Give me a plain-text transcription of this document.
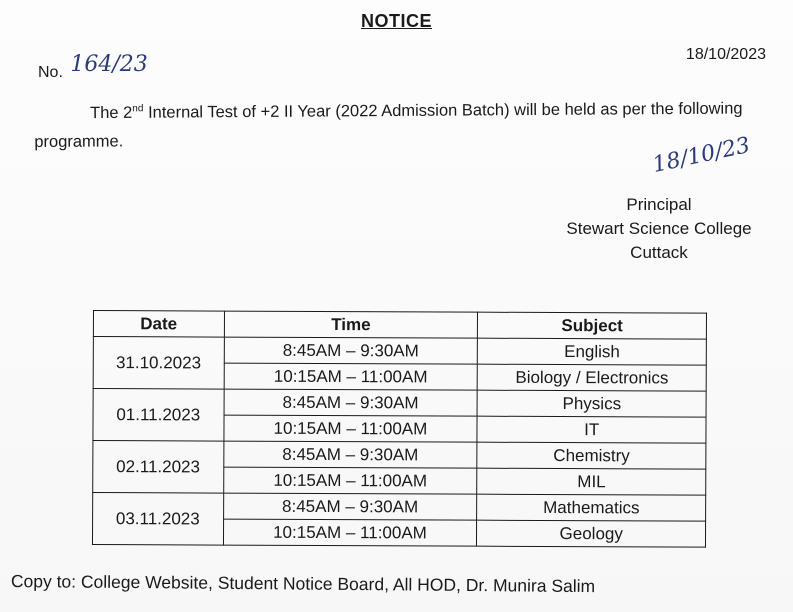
NOTICE
No. 164/23	18/10/2023
The 2nd Internal Test of +2 II Year (2022 Admission Batch) will be held as per the following programme.	18/10/23
Principal
Stewart Science College
Cuttack
Date	Time	Subject
31.10.2023	8:45AM – 9:30AM	English
	10:15AM – 11:00AM	Biology / Electronics
01.11.2023	8:45AM – 9:30AM	Physics
	10:15AM – 11:00AM	IT
02.11.2023	8:45AM – 9:30AM	Chemistry
	10:15AM – 11:00AM	MIL
03.11.2023	8:45AM – 9:30AM	Mathematics
	10:15AM – 11:00AM	Geology
Copy to: College Website, Student Notice Board, All HOD, Dr. Munira Salim
